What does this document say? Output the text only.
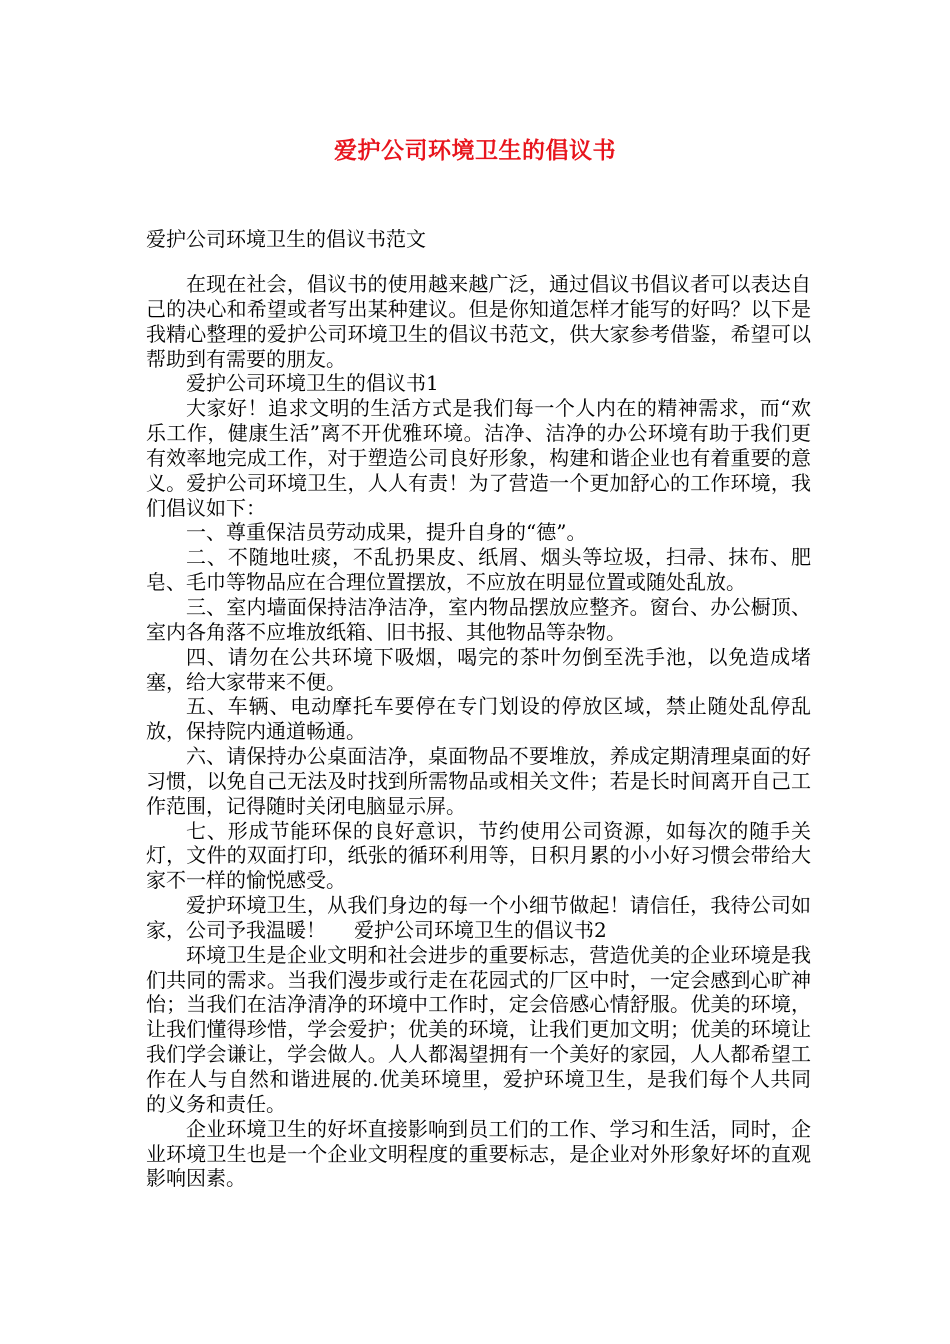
爱护公司环境卫生的倡议书
爱护公司环境卫生的倡议书范文

在现在社会，倡议书的使用越来越广泛，通过倡议书倡议者可以表达自己的决心和希望或者写出某种建议。但是你知道怎样才能写的好吗？以下是我精心整理的爱护公司环境卫生的倡议书范文，供大家参考借鉴，希望可以帮助到有需要的朋友。

爱护公司环境卫生的倡议书1

大家好！追求文明的生活方式是我们每一个人内在的精神需求，而“欢乐工作，健康生活”离不开优雅环境。洁净、洁净的办公环境有助于我们更有效率地完成工作，对于塑造公司良好形象，构建和谐企业也有着重要的意义。爱护公司环境卫生，人人有责！为了营造一个更加舒心的工作环境，我们倡议如下：

一、尊重保洁员劳动成果，提升自身的“德”。

二、不随地吐痰，不乱扔果皮、纸屑、烟头等垃圾，扫帚、抹布、肥皂、毛巾等物品应在合理位置摆放，不应放在明显位置或随处乱放。

三、室内墙面保持洁净洁净，室内物品摆放应整齐。窗台、办公橱顶、室内各角落不应堆放纸箱、旧书报、其他物品等杂物。

四、请勿在公共环境下吸烟，喝完的茶叶勿倒至洗手池，以免造成堵塞，给大家带来不便。

五、车辆、电动摩托车要停在专门划设的停放区域，禁止随处乱停乱放，保持院内通道畅通。

六、请保持办公桌面洁净，桌面物品不要堆放，养成定期清理桌面的好习惯，以免自己无法及时找到所需物品或相关文件；若是长时间离开自己工作范围，记得随时关闭电脑显示屏。

七、形成节能环保的良好意识，节约使用公司资源，如每次的随手关灯，文件的双面打印，纸张的循环利用等，日积月累的小小好习惯会带给大家不一样的愉悦感受。

爱护环境卫生，从我们身边的每一个小细节做起！请信任，我待公司如家，公司予我温暖！ 爱护公司环境卫生的倡议书2

环境卫生是企业文明和社会进步的重要标志，营造优美的企业环境是我们共同的需求。当我们漫步或行走在花园式的厂区中时，一定会感到心旷神怡；当我们在洁净清净的环境中工作时，定会倍感心情舒服。优美的环境，让我们懂得珍惜，学会爱护；优美的环境，让我们更加文明；优美的环境让我们学会谦让，学会做人。人人都渴望拥有一个美好的家园，人人都希望工作在人与自然和谐进展的.优美环境里，爱护环境卫生，是我们每个人共同的义务和责任。

企业环境卫生的好坏直接影响到员工们的工作、学习和生活，同时，企业环境卫生也是一个企业文明程度的重要标志，是企业对外形象好坏的直观影响因素。
